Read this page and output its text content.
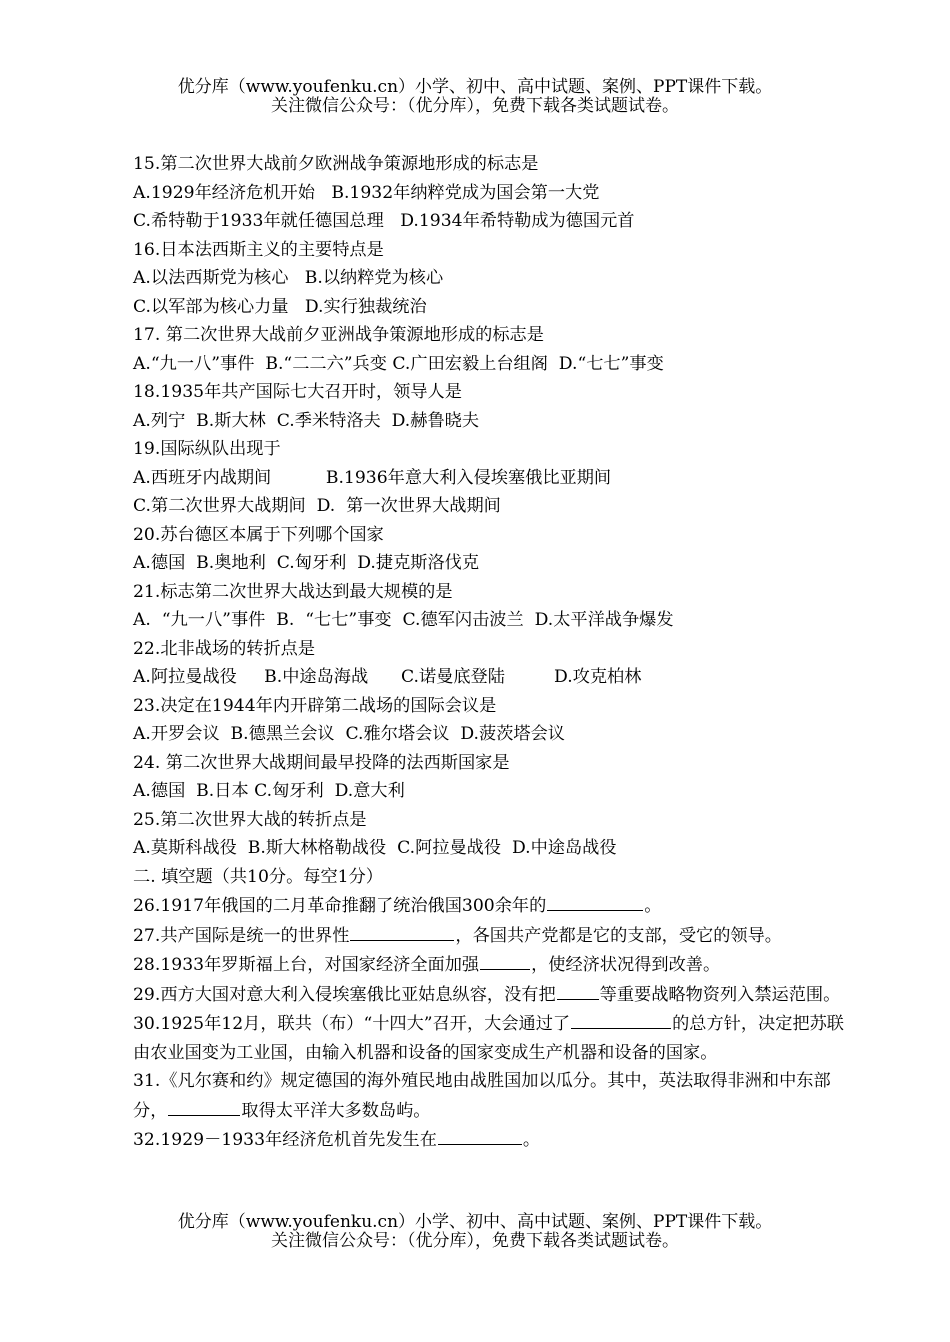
优分库（www.youfenku.cn）小学、初中、高中试题、案例、PPT课件下载。
关注微信公众号：（优分库），免费下载各类试题试卷。
15.第二次世界大战前夕欧洲战争策源地形成的标志是
A.1929年经济危机开始   B.1932年纳粹党成为国会第一大党
C.希特勒于1933年就任德国总理   D.1934年希特勒成为德国元首
16.日本法西斯主义的主要特点是
A.以法西斯党为核心   B.以纳粹党为核心
C.以军部为核心力量   D.实行独裁统治
17. 第二次世界大战前夕亚洲战争策源地形成的标志是
A.“九一八”事件  B.“二二六”兵变 C.广田宏毅上台组阁  D.“七七”事变
18.1935年共产国际七大召开时，领导人是
A.列宁  B.斯大林  C.季米特洛夫  D.赫鲁晓夫
19.国际纵队出现于
A.西班牙内战期间          B.1936年意大利入侵埃塞俄比亚期间
C.第二次世界大战期间  D.  第一次世界大战期间
20.苏台德区本属于下列哪个国家
A.德国  B.奥地利  C.匈牙利  D.捷克斯洛伐克
21.标志第二次世界大战达到最大规模的是
A.  “九一八”事件  B.  “七七”事变  C.德军闪击波兰  D.太平洋战争爆发
22.北非战场的转折点是
A.阿拉曼战役     B.中途岛海战      C.诺曼底登陆         D.攻克柏林
23.决定在1944年内开辟第二战场的国际会议是
A.开罗会议  B.德黑兰会议  C.雅尔塔会议  D.菠茨塔会议
24. 第二次世界大战期间最早投降的法西斯国家是
A.德国  B.日本 C.匈牙利  D.意大利
25.第二次世界大战的转折点是
A.莫斯科战役  B.斯大林格勒战役  C.阿拉曼战役  D.中途岛战役
二. 填空题（共10分。每空1分）
26.1917年俄国的二月革命推翻了统治俄国300余年的	。
27.共产国际是统一的世界性	，各国共产党都是它的支部，受它的领导。
28.1933年罗斯福上台，对国家经济全面加强	，使经济状况得到改善。
29.西方大国对意大利入侵埃塞俄比亚姑息纵容，没有把	等重要战略物资列入禁运范围。
30.1925年12月，联共（布）“十四大”召开，大会通过了	的总方针，决定把苏联由农业国变为工业国，由输入机器和设备的国家变成生产机器和设备的国家。
31.《凡尔赛和约》规定德国的海外殖民地由战胜国加以瓜分。其中，英法取得非洲和中东部分，	取得太平洋大多数岛屿。
32.1929－1933年经济危机首先发生在	。
优分库（www.youfenku.cn）小学、初中、高中试题、案例、PPT课件下载。
关注微信公众号：（优分库），免费下载各类试题试卷。
